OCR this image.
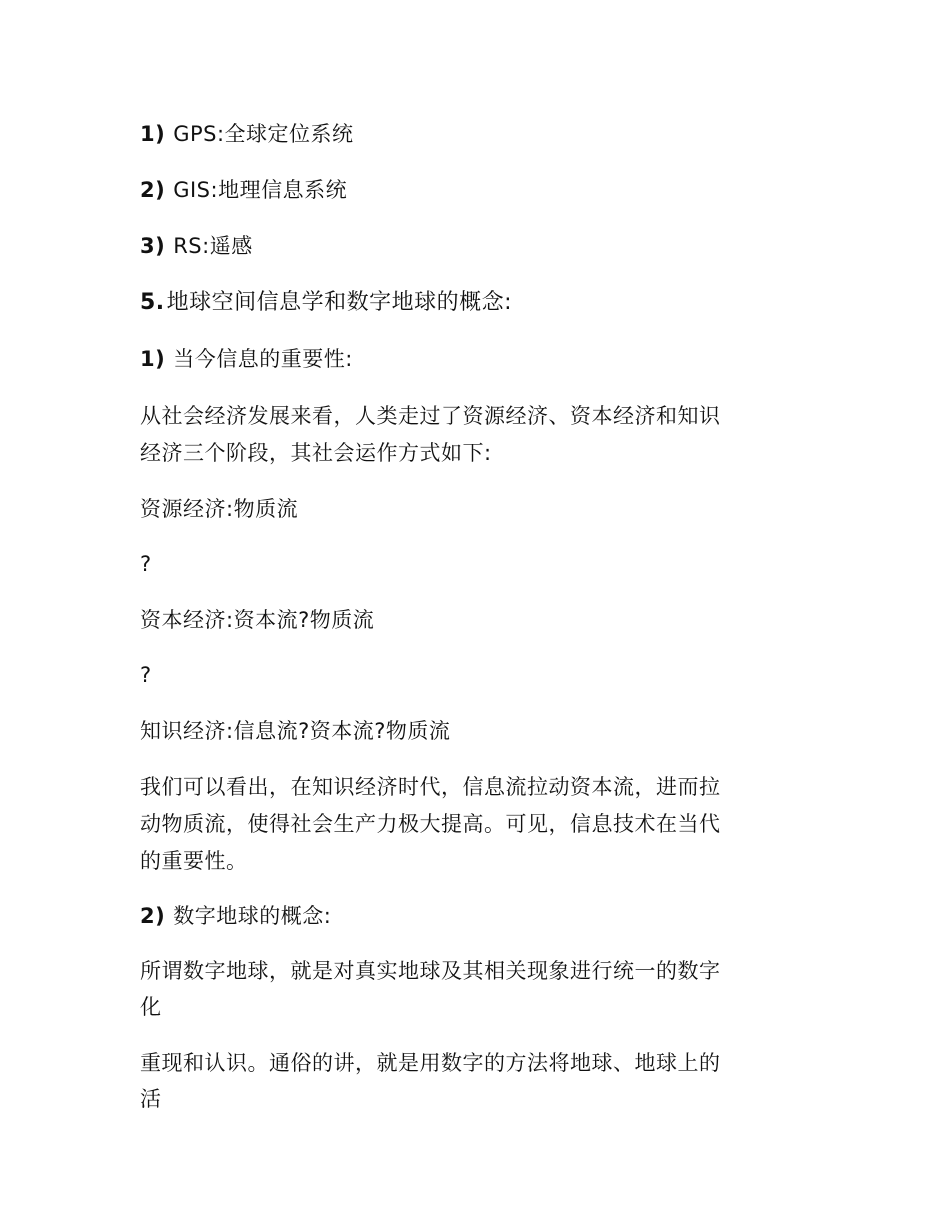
1) GPS:全球定位系统
2) GIS:地理信息系统
3) RS:遥感
5.地球空间信息学和数字地球的概念:
1) 当今信息的重要性:
从社会经济发展来看，人类走过了资源经济、资本经济和知识
经济三个阶段，其社会运作方式如下:
资源经济:物质流
?
资本经济:资本流?物质流
?
知识经济:信息流?资本流?物质流
我们可以看出，在知识经济时代，信息流拉动资本流，进而拉
动物质流，使得社会生产力极大提高。可见，信息技术在当代
的重要性。
2) 数字地球的概念:
所谓数字地球，就是对真实地球及其相关现象进行统一的数字
化
重现和认识。通俗的讲，就是用数字的方法将地球、地球上的
活
